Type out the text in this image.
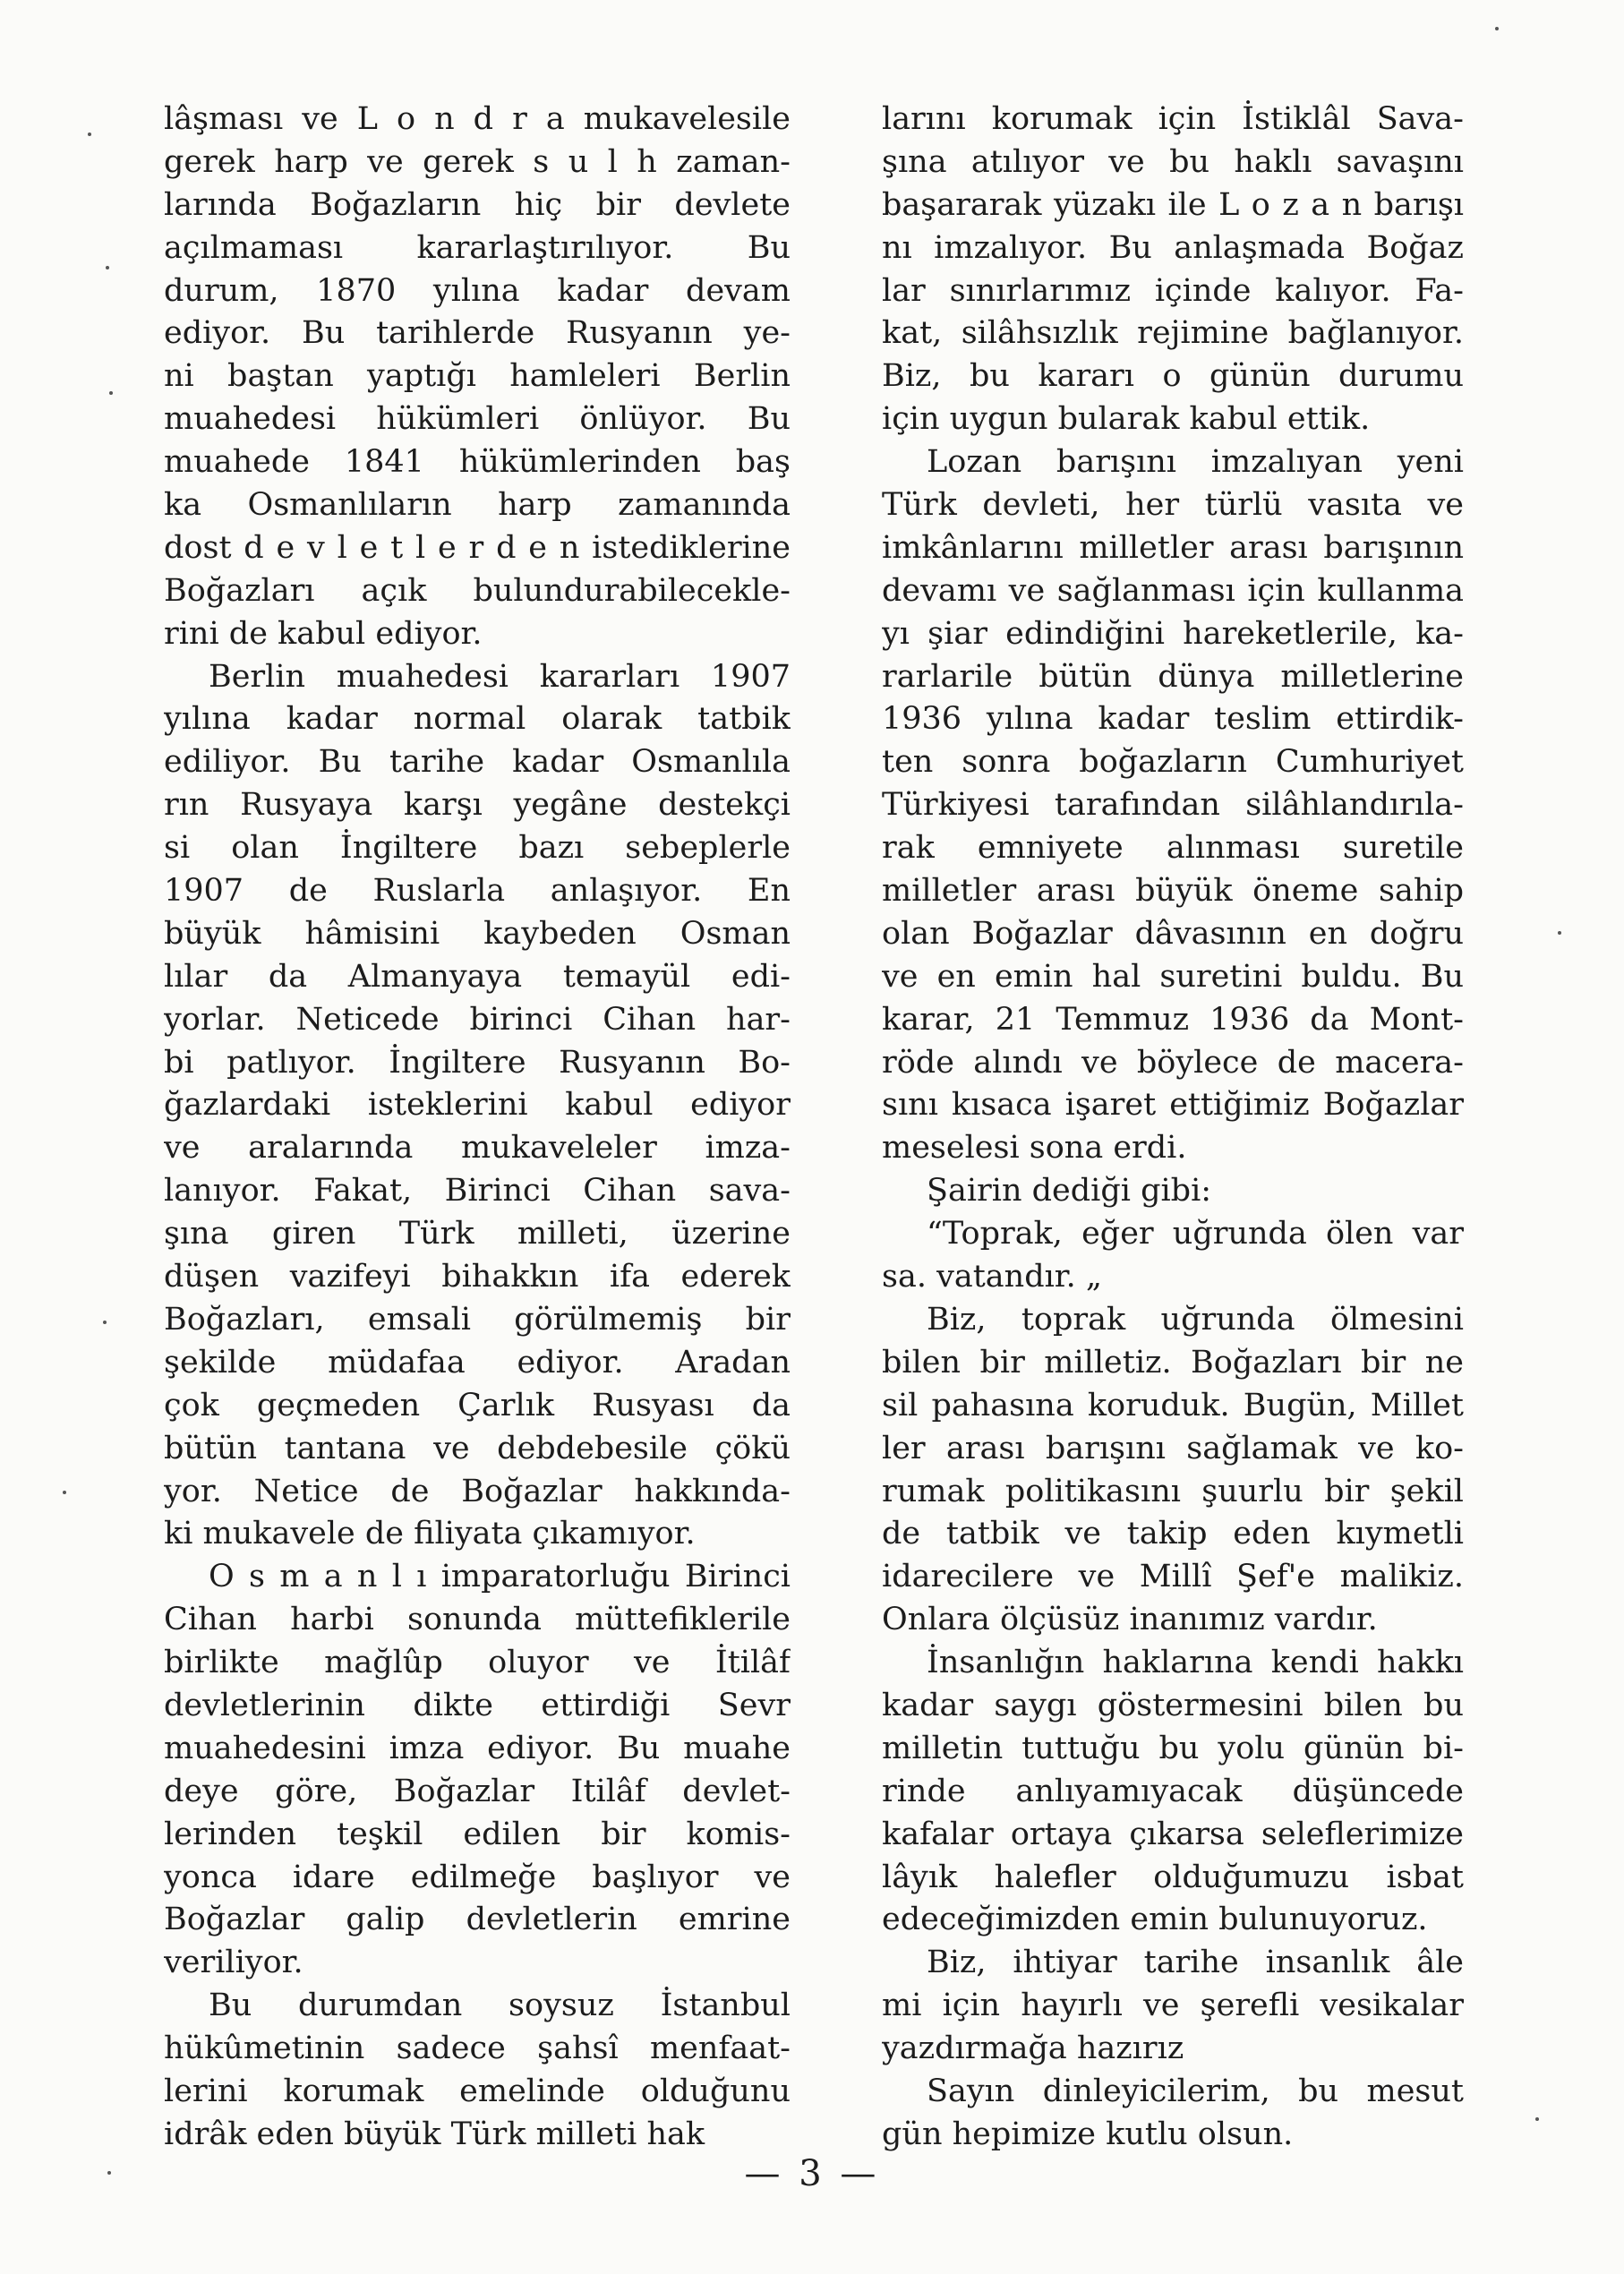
lâşması ve L o n d r a mukavelesile
gerek harp ve gerek s u l h zaman-
larında Boğazların hiç bir devlete
açılmaması kararlaştırılıyor. Bu
durum, 1870 yılına kadar devam
ediyor. Bu tarihlerde Rusyanın ye-
ni baştan yaptığı hamleleri Berlin
muahedesi hükümleri önlüyor. Bu
muahede 1841 hükümlerinden baş
ka Osmanlıların harp zamanında
dost d e v l e t l e r d e n istediklerine
Boğazları açık bulundurabilecekle-
rini de kabul ediyor.
Berlin muahedesi kararları 1907
yılına kadar normal olarak tatbik
ediliyor. Bu tarihe kadar Osmanlıla
rın Rusyaya karşı yegâne destekçi
si olan İngiltere bazı sebeplerle
1907 de Ruslarla anlaşıyor. En
büyük hâmisini kaybeden Osman
lılar da Almanyaya temayül edi-
yorlar. Neticede birinci Cihan har-
bi patlıyor. İngiltere Rusyanın Bo-
ğazlardaki isteklerini kabul ediyor
ve aralarında mukaveleler imza-
lanıyor. Fakat, Birinci Cihan sava-
şına giren Türk milleti, üzerine
düşen vazifeyi bihakkın ifa ederek
Boğazları, emsali görülmemiş bir
şekilde müdafaa ediyor. Aradan
çok geçmeden Çarlık Rusyası da
bütün tantana ve debdebesile çökü
yor. Netice de Boğazlar hakkında-
ki mukavele de filiyata çıkamıyor.
O s m a n l ı imparatorluğu Birinci
Cihan harbi sonunda müttefiklerile
birlikte mağlûp oluyor ve İtilâf
devletlerinin dikte ettirdiği Sevr
muahedesini imza ediyor. Bu muahe
deye göre, Boğazlar Itilâf devlet-
lerinden teşkil edilen bir komis-
yonca idare edilmeğe başlıyor ve
Boğazlar galip devletlerin emrine
veriliyor.
Bu durumdan soysuz İstanbul
hükûmetinin sadece şahsî menfaat-
lerini korumak emelinde olduğunu
idrâk eden büyük Türk milleti hak
larını korumak için İstiklâl Sava-
şına atılıyor ve bu haklı savaşını
başararak yüzakı ile L o z a n barışı
nı imzalıyor. Bu anlaşmada Boğaz
lar sınırlarımız içinde kalıyor. Fa-
kat, silâhsızlık rejimine bağlanıyor.
Biz, bu kararı o günün durumu
için uygun bularak kabul ettik.
Lozan barışını imzalıyan yeni
Türk devleti, her türlü vasıta ve
imkânlarını milletler arası barışının
devamı ve sağlanması için kullanma
yı şiar edindiğini hareketlerile, ka-
rarlarile bütün dünya milletlerine
1936 yılına kadar teslim ettirdik-
ten sonra boğazların Cumhuriyet
Türkiyesi tarafından silâhlandırıla-
rak emniyete alınması suretile
milletler arası büyük öneme sahip
olan Boğazlar dâvasının en doğru
ve en emin hal suretini buldu. Bu
karar, 21 Temmuz 1936 da Mont-
röde alındı ve böylece de macera-
sını kısaca işaret ettiğimiz Boğazlar
meselesi sona erdi.
Şairin dediği gibi:
“Toprak, eğer uğrunda ölen var
sa. vatandır. „
Biz, toprak uğrunda ölmesini
bilen bir milletiz. Boğazları bir ne
sil pahasına koruduk. Bugün, Millet
ler arası barışını sağlamak ve ko-
rumak politikasını şuurlu bir şekil
de tatbik ve takip eden kıymetli
idarecilere ve Millî Şef'e malikiz.
Onlara ölçüsüz inanımız vardır.
İnsanlığın haklarına kendi hakkı
kadar saygı göstermesini bilen bu
milletin tuttuğu bu yolu günün bi-
rinde anlıyamıyacak düşüncede
kafalar ortaya çıkarsa seleflerimize
lâyık halefler olduğumuzu isbat
edeceğimizden emin bulunuyoruz.
Biz, ihtiyar tarihe insanlık âle
mi için hayırlı ve şerefli vesikalar
yazdırmağa hazırız
Sayın dinleyicilerim, bu mesut
gün hepimize kutlu olsun.
— 3 —
